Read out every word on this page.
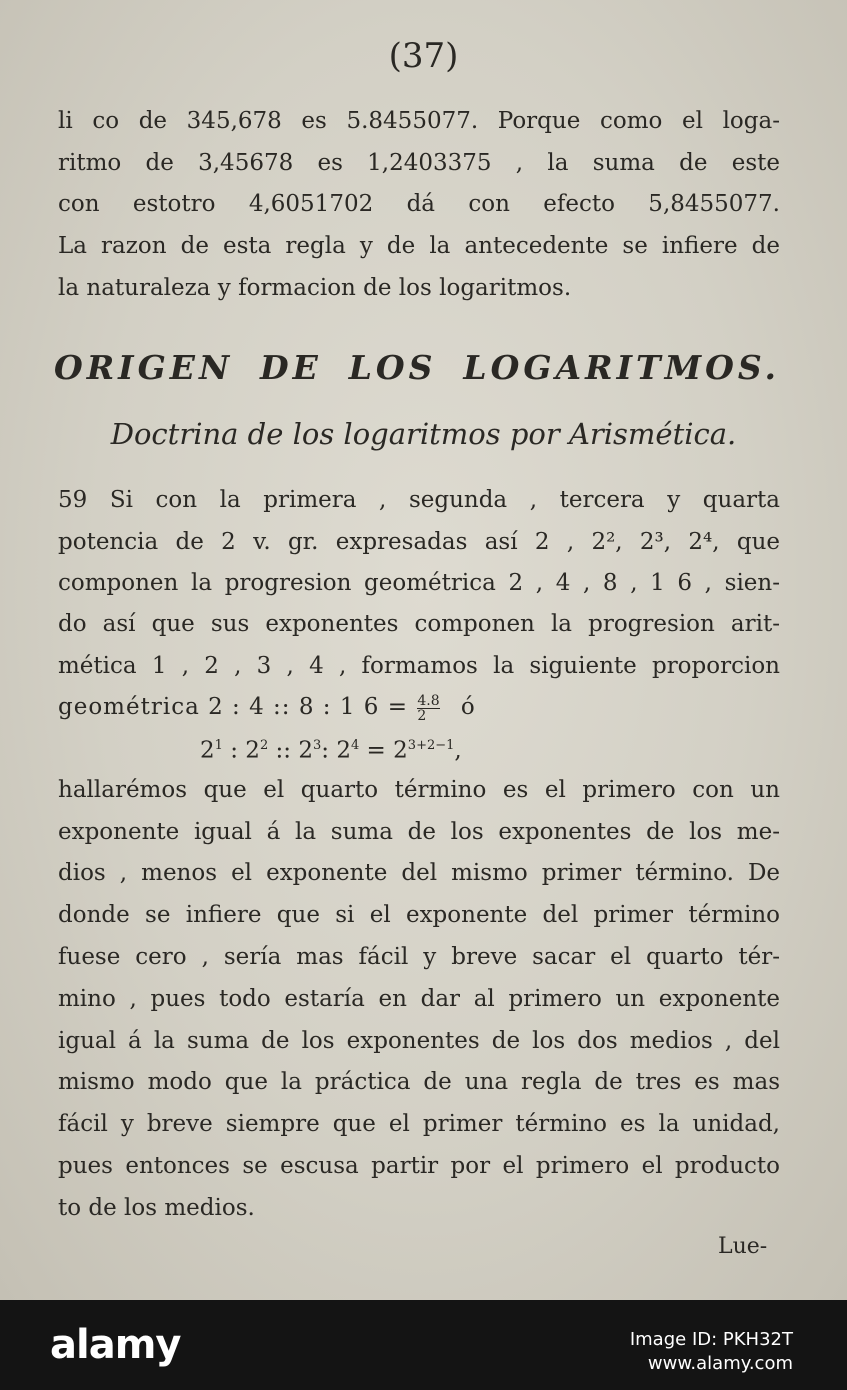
(37)
li co de 345,678 es 5.8455077. Porque como el loga-
ritmo de 3,45678 es 1,2403375 , la suma de este
con estotro 4,6051702 dá con efecto 5,8455077.
La razon de esta regla y de la antecedente se infiere de
la naturaleza y formacion de los logaritmos.
ORIGEN DE LOS LOGARITMOS.
Doctrina de los logaritmos por Arismética.
59 Si con la primera , segunda , tercera y quarta
potencia de 2 v. gr. expresadas así 2 , 2², 2³, 2⁴, que
componen la progresion geométrica 2 , 4 , 8 , 1 6 , sien-
do así que sus exponentes componen la progresion arit-
mética 1 , 2 , 3 , 4 , formamos la siguiente proporcion
geométrica 2 : 4 :: 8 : 1 $6 = \frac{4.8}{2}$ ó
$2^1$ : $2^2$ :: $2^3$: $2^4 = 2^{3+2-1}$,
hallarémos que el quarto término es el primero con un
exponente igual á la suma de los exponentes de los me-
dios , menos el exponente del mismo primer término. De
donde se infiere que si el exponente del primer término
fuese cero , sería mas fácil y breve sacar el quarto tér-
mino , pues todo estaría en dar al primero un exponente
igual á la suma de los exponentes de los dos medios , del
mismo modo que la práctica de una regla de tres es mas
fácil y breve siempre que el primer término es la unidad,
pues entonces se escusa partir por el primero el producto
to de los medios.
Lue-
alamy	Image ID: PKH32T
www.alamy.com
